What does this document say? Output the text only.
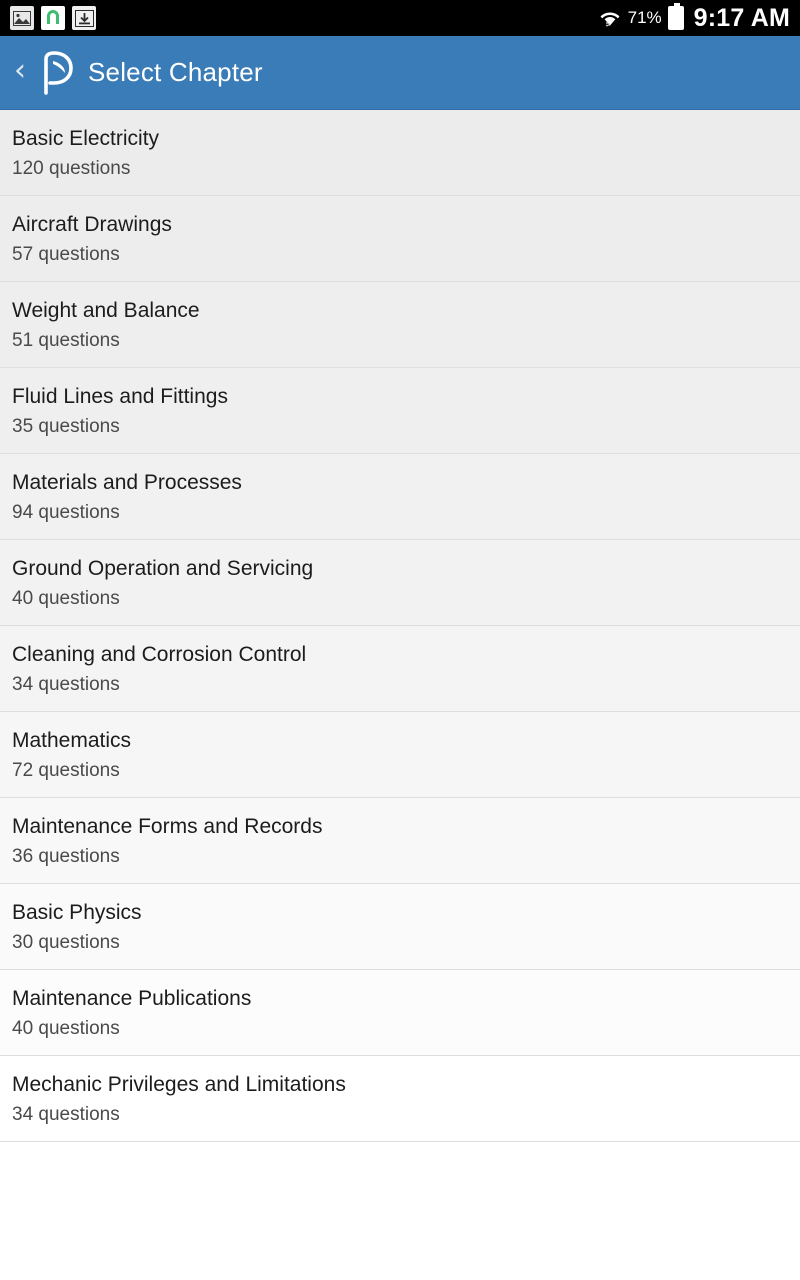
71% 9:17 AM
‹ Select Chapter
Basic Electricity
120 questions
Aircraft Drawings
57 questions
Weight and Balance
51 questions
Fluid Lines and Fittings
35 questions
Materials and Processes
94 questions
Ground Operation and Servicing
40 questions
Cleaning and Corrosion Control
34 questions
Mathematics
72 questions
Maintenance Forms and Records
36 questions
Basic Physics
30 questions
Maintenance Publications
40 questions
Mechanic Privileges and Limitations
34 questions
